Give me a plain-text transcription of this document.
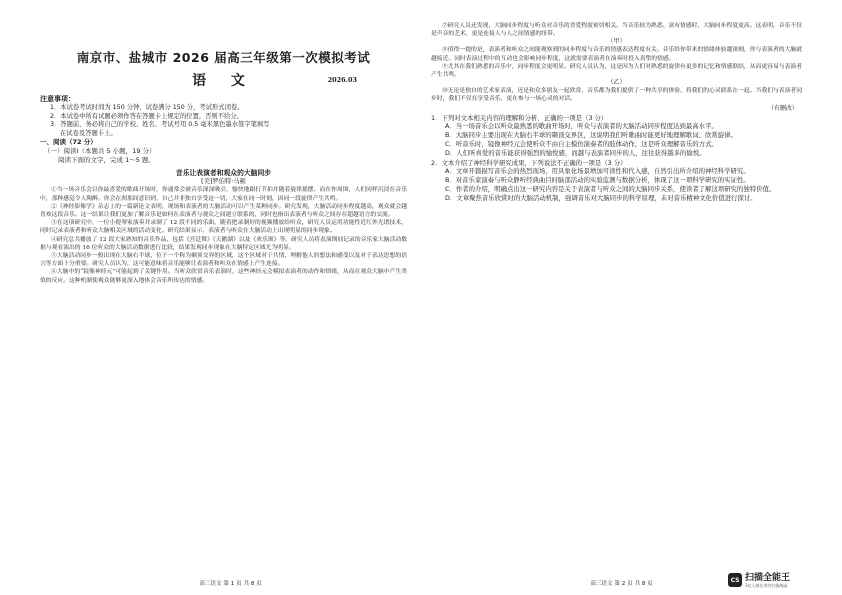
南京市、盐城市 2026 届高三年级第一次模拟考试
语 文	2026.03
注意事项：
1．本试卷考试时间为 150 分钟，试卷满分 150 分，考试形式闭卷。
2．本试卷中所有试题必须作答在答题卡上规定的位置，否则不给分。
3．答题前，务必将自己的学校、姓名、考试号用 0.5 毫米黑色墨水签字笔填写
在试卷及答题卡上。
一、阅读（72 分）
（一）阅读Ⅰ（本题共 5 小题，19 分）
阅读下面的文字，完成 1～5 题。
音乐让表演者和观众的大脑同步
[美]罗伯特·马顿

①当一场音乐会以你最喜爱的歌曲开场时，你通常会被音乐深深吸引，愉快地跟打节拍并随着旋律摇摆。而在你周围，人们同样沉浸在音乐中，那种感觉令人陶醉。你会在刹那间意识到，自己并非独自享受这一切，大家在同一时刻，因同一段旋律产生共鸣。

②《神经影像学》杂志上的一篇新论文表明，现场和表演者的大脑活动可以产生某种同步。研究发现，大脑活动同步程度越高，观众就会越喜欢这段音乐。这一结果让我们更加了解音乐是如何在表演者与观众之间建立联系的，同时也指出表演者与听众之间存在超越语言的交流。

③在这项研究中，一位小提琴家演奏并录制了 12 段不同的乐曲，随着把录制好的视频播放给听众，研究人员运用功能性近红外光谱技术，同时记录表演者和听众大脑相关区域的活动变化。研究结果显示，表演者与听众在大脑活动上出现明显的同步现象。

④研究总共播放了 12 段大家熟知的音乐作品，包括《宫廷舞》《天鹅湖》以及《欢乐颂》等。研究人员将表演期间记录的音乐家大脑活动数据与观看演出的 16 位听众的大脑活动数据进行比较，结果发现同步现象在大脑特定区域尤为明显。

⑤大脑活动同步一般出现在大脑右半球，位于一个称为颞顶交界的区域，这个区域对于共情、理解他人的想法和感受以及对于表达思想的语言等方面十分重要。研究人员认为，这可能意味着音乐能够让表演者和听众在情感上产生连接。

⑥大脑中的“镜像神经元”可能起到了关键作用。当听众欣赏音乐表演时，这些神经元会模拟表演者的动作和情绪，从而在观众大脑中产生类似的反应。这种机制使观众能够更深入地体会音乐所传达的情感。

高三语文 第 1 页 共 8 页

⑦研究人员还发现，大脑同步程度与听众对音乐的喜爱程度密切相关。当音乐较为熟悉、富有情感时，大脑同步程度更高。这表明，音乐不仅是声音的艺术，更是连接人与人之间情感的纽带。

（甲）

⑧值得一提的是，表演者和听众之间能观察到的同步程度与音乐的情感表达程度有关。音乐给你带来的情绪体验越深刻，你与表演者的大脑就越接近。同时表演过程中的互动也会影响同步程度，这就需要表演者在演奏时投入真挚的情感。

⑨尤其在我们熟悉的音乐中，同步程度会更明显。研究人员认为，这是因为人们对熟悉的旋律有更多的记忆和情感联结，从而更容易与表演者产生共鸣。

（乙）

⑩无论是独自的艺术家表演，还是和众多朋友一起欣赏，音乐都为我们提供了一种共享的体验，将我们的心灵联系在一起。当我们与表演者同步时，我们不仅在享受音乐，更在参与一场心灵的对话。

（有删改）
1．下列对文本相关内容的理解和分析，正确的一项是（3 分）
A．当一场音乐会以听众最熟悉的歌曲开场时，听众与表演者的大脑活动同步程度达到最高水平。
B．大脑同步主要出现在大脑右半球的颞顶交界区，这说明我们听歌曲时能更好地理解歌词、欣赏旋律。
C．听音乐时，镜像神经元会使听众不由自主模仿演奏者的肢体动作，这是听众理解音乐的方式。
D．人们听喜爱的音乐能获得强烈的愉悦感，而越与表演者同步的人，往往获得越多的愉悦。
2．文本介绍了神经科学研究成果，下列说法不正确的一项是（3 分）
A．文章开篇描写音乐会的热烈现场，用具象化场景增加可读性和代入感，自然引出所介绍的神经科学研究。
B．对音乐家演奏与听众静听经典曲目时脑部活动的实验监测与数据分析，体现了这一项科学研究的实证性。
C．作者的介绍，明确点出这一研究内容是关于表演者与听众之间的大脑同步关系，使读者了解这项研究的独特价值。
D．文章聚焦音乐欣赏时的大脑活动机制，强调音乐对大脑同步的科学原理，未对音乐精神文化价值进行探讨。
高三语文 第 2 页 共 8 页
CS 扫描全能王
3亿人都在用的扫描App
